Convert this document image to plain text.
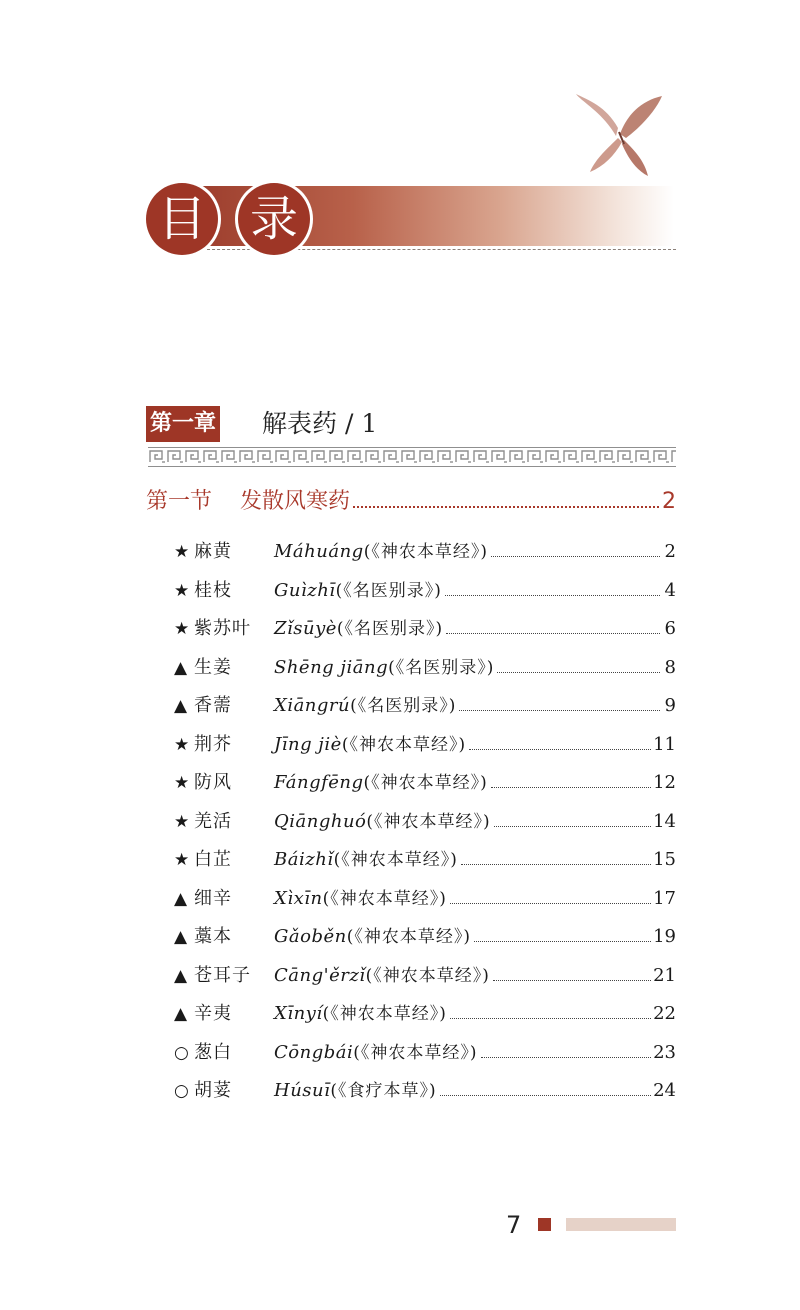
目 录
第一章 解表药 / 1
第一节 发散风寒药	2
★ 麻黄	Máhuáng (《神农本草经》)	2
★ 桂枝	Guìzhī (《名医别录》)	4
★ 紫苏叶	Zǐsūyè (《名医别录》)	6
▲ 生姜	Shēng jiāng (《名医别录》)	8
▲ 香薷	Xiāngrú (《名医别录》)	9
★ 荆芥	Jīng jiè (《神农本草经》)	11
★ 防风	Fángfēng (《神农本草经》)	12
★ 羌活	Qiānghuó (《神农本草经》)	14
★ 白芷	Báizhǐ (《神农本草经》)	15
▲ 细辛	Xìxīn (《神农本草经》)	17
▲ 藁本	Gǎoběn (《神农本草经》)	19
▲ 苍耳子	Cāng'ěrzǐ (《神农本草经》)	21
▲ 辛夷	Xīnyí (《神农本草经》)	22
○ 葱白	Cōngbái (《神农本草经》)	23
○ 胡荽	Húsuī (《食疗本草》)	24
7
